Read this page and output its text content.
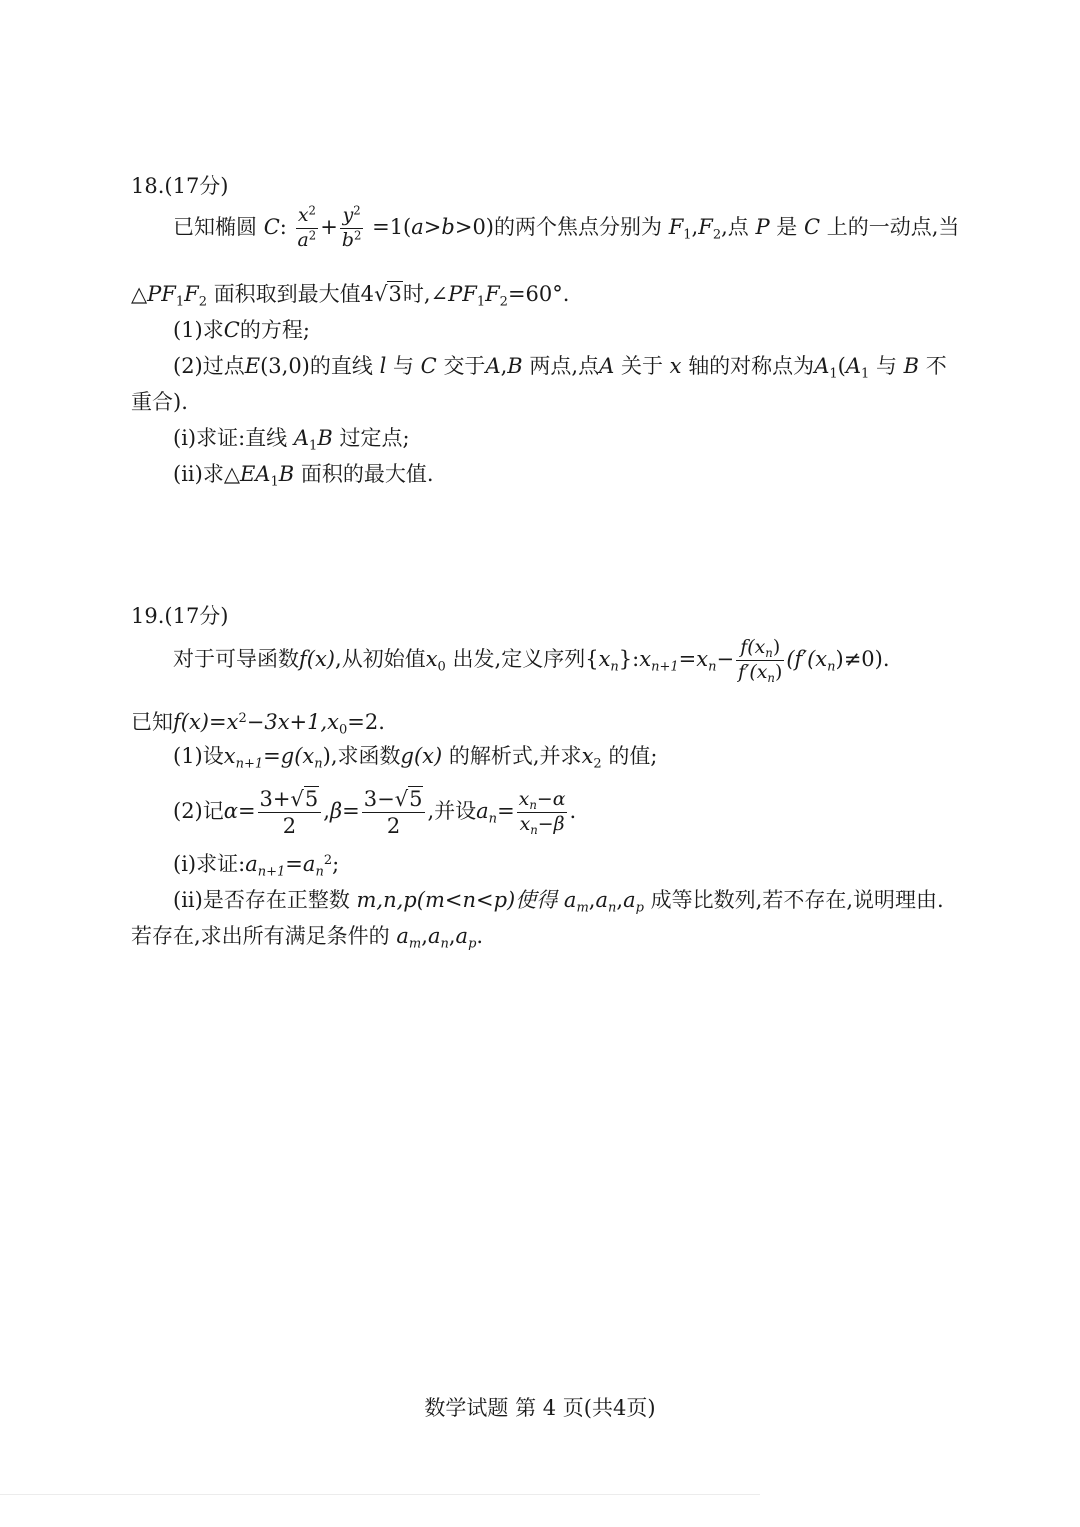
18.(17分)
已知椭圆 C: $\frac{x^2}{a^2} + \frac{y^2}{b^2} =1(a>b>0)$的两个焦点分别为 $F_1,F_2$,点 P 是 C 上的一动点,当
$\triangle PF_1F_2$ 面积取到最大值4√3时$,\angle PF_1F_2=60^\circ$.
(1)求C的方程;
(2)过点E(3,0)的直线 l 与 C 交于A,B 两点,点A 关于 x 轴的对称点为$A_1(A_1$ 与 B 不
重合).
(i)求证:直线 $A_1B$ 过定点;
(ii)求$\triangle EA_1B$ 面积的最大值.
19.(17分)
对于可导函数f(x),从初始值$x_0$ 出发,定义序列$\{x_n\}:x_{n+1}=x_n- \frac{f(x_n)}{f'(x_n)} (f'(x_n)\ne 0)$.
已知$f(x)=x^2-3x+1,x_0=2$.
(1)设$x_{n+1}=g(x_n)$,求函数g(x) 的解析式,并求$x_2$ 的值;
(2)记$\alpha= \frac{3+√5}{2} ,\beta= \frac{3-√5}{2}$ ,并设$a_n= \frac{x_n-\alpha}{x_n-\beta}$ .
(i)求证$:a_{n+1}=a_n^2$;
(ii)是否存在正整数 m,n,p(m<n<p)使得 $a_m,a_n,a_p$ 成等比数列,若不存在,说明理由.
若存在,求出所有满足条件的 $a_m,a_n,a_p$.
数学试题 第 4 页(共4页)
